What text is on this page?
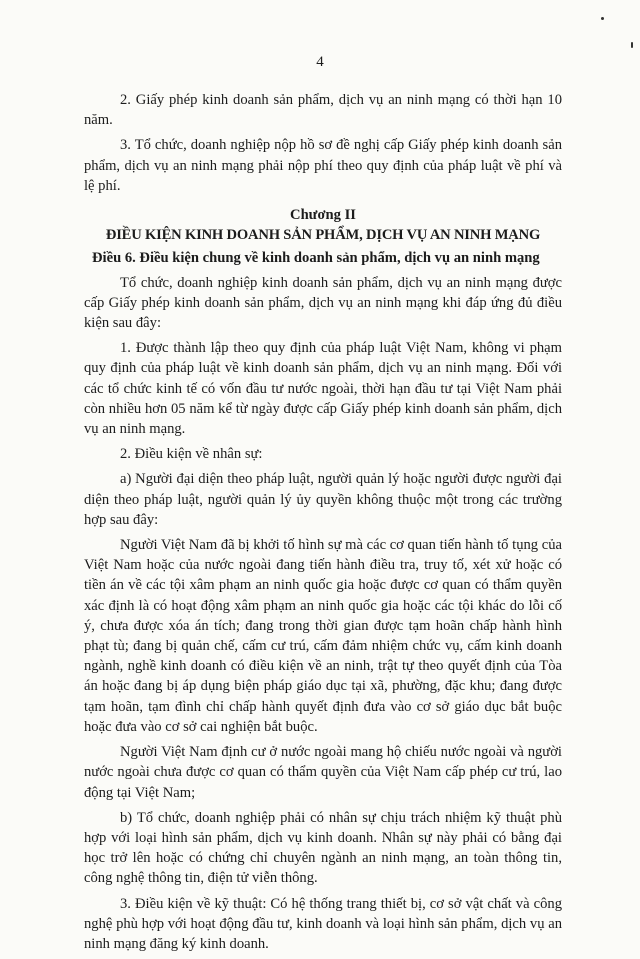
4

2. Giấy phép kinh doanh sản phẩm, dịch vụ an ninh mạng có thời hạn 10 năm.

3. Tổ chức, doanh nghiệp nộp hồ sơ đề nghị cấp Giấy phép kinh doanh sản phẩm, dịch vụ an ninh mạng phải nộp phí theo quy định của pháp luật về phí và lệ phí.

Chương II

ĐIỀU KIỆN KINH DOANH SẢN PHẨM, DỊCH VỤ AN NINH MẠNG

Điều 6. Điều kiện chung về kinh doanh sản phẩm, dịch vụ an ninh mạng

Tổ chức, doanh nghiệp kinh doanh sản phẩm, dịch vụ an ninh mạng được cấp Giấy phép kinh doanh sản phẩm, dịch vụ an ninh mạng khi đáp ứng đủ điều kiện sau đây:

1. Được thành lập theo quy định của pháp luật Việt Nam, không vi phạm quy định của pháp luật về kinh doanh sản phẩm, dịch vụ an ninh mạng. Đối với các tổ chức kinh tế có vốn đầu tư nước ngoài, thời hạn đầu tư tại Việt Nam phải còn nhiều hơn 05 năm kể từ ngày được cấp Giấy phép kinh doanh sản phẩm, dịch vụ an ninh mạng.

2. Điều kiện về nhân sự:

a) Người đại diện theo pháp luật, người quản lý hoặc người được người đại diện theo pháp luật, người quản lý ủy quyền không thuộc một trong các trường hợp sau đây:

Người Việt Nam đã bị khởi tố hình sự mà các cơ quan tiến hành tố tụng của Việt Nam hoặc của nước ngoài đang tiến hành điều tra, truy tố, xét xử hoặc có tiền án về các tội xâm phạm an ninh quốc gia hoặc được cơ quan có thẩm quyền xác định là có hoạt động xâm phạm an ninh quốc gia hoặc các tội khác do lỗi cố ý, chưa được xóa án tích; đang trong thời gian được tạm hoãn chấp hành hình phạt tù; đang bị quản chế, cấm cư trú, cấm đảm nhiệm chức vụ, cấm kinh doanh ngành, nghề kinh doanh có điều kiện về an ninh, trật tự theo quyết định của Tòa án hoặc đang bị áp dụng biện pháp giáo dục tại xã, phường, đặc khu; đang được tạm hoãn, tạm đình chỉ chấp hành quyết định đưa vào cơ sở giáo dục bắt buộc hoặc đưa vào cơ sở cai nghiện bắt buộc.

Người Việt Nam định cư ở nước ngoài mang hộ chiếu nước ngoài và người nước ngoài chưa được cơ quan có thẩm quyền của Việt Nam cấp phép cư trú, lao động tại Việt Nam;

b) Tổ chức, doanh nghiệp phải có nhân sự chịu trách nhiệm kỹ thuật phù hợp với loại hình sản phẩm, dịch vụ kinh doanh. Nhân sự này phải có bằng đại học trở lên hoặc có chứng chỉ chuyên ngành an ninh mạng, an toàn thông tin, công nghệ thông tin, điện tử viễn thông.

3. Điều kiện về kỹ thuật: Có hệ thống trang thiết bị, cơ sở vật chất và công nghệ phù hợp với hoạt động đầu tư, kinh doanh và loại hình sản phẩm, dịch vụ an ninh mạng đăng ký kinh doanh.
